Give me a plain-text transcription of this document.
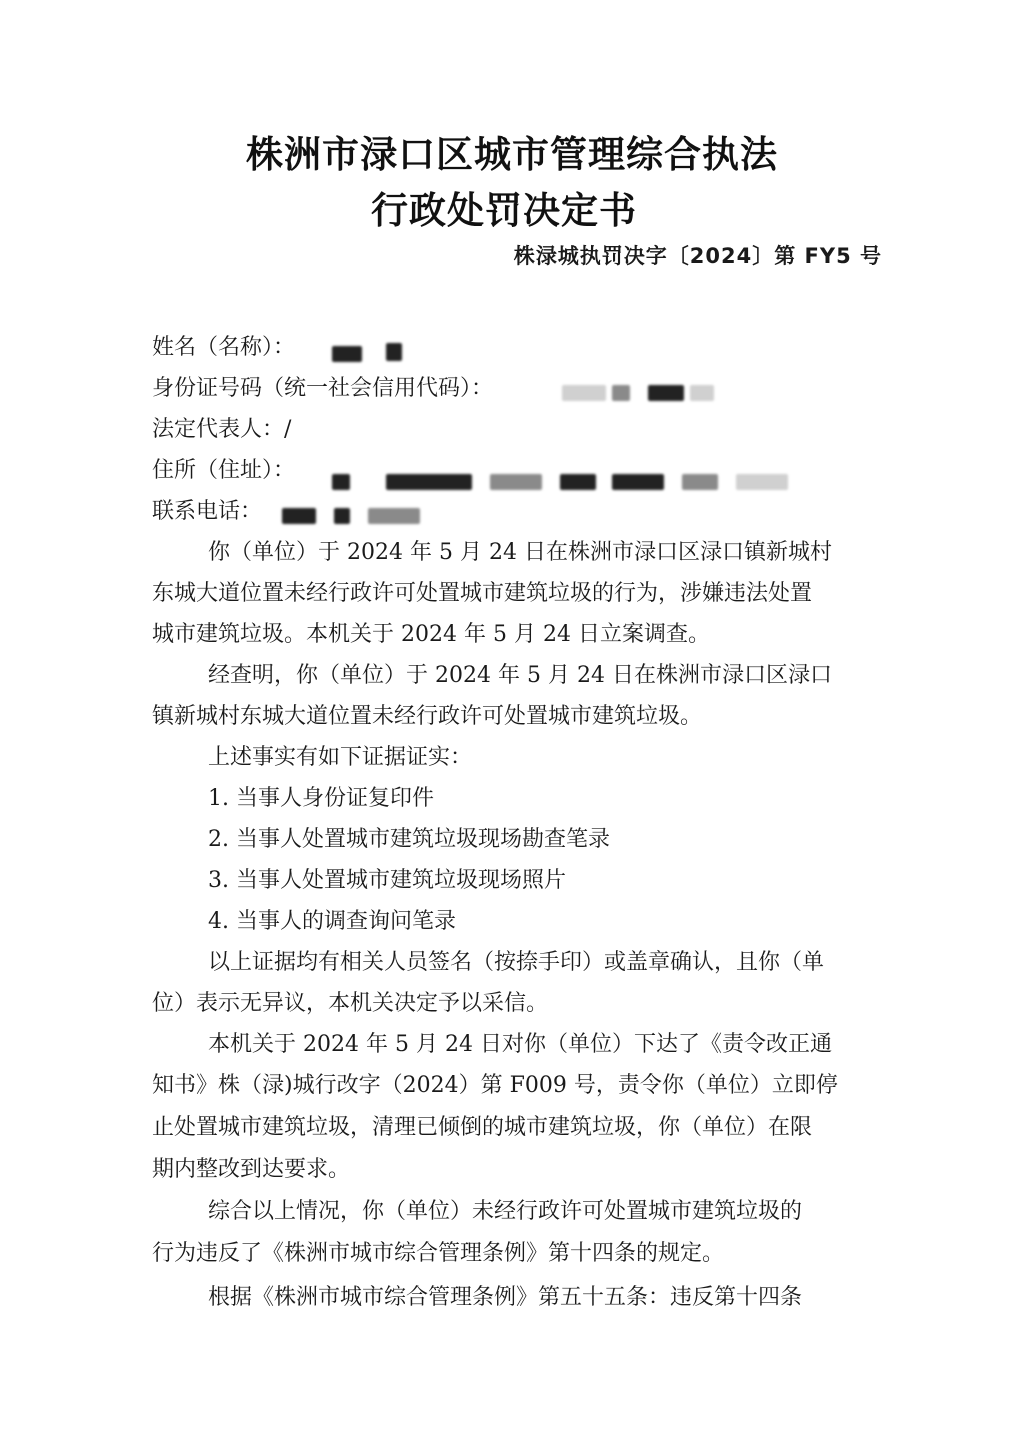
株洲市渌口区城市管理综合执法
行政处罚决定书
株渌城执罚决字〔2024〕第 FY5 号
姓名（名称）：
身份证号码（统一社会信用代码）：
法定代表人：/
住所（住址）：
联系电话：
你（单位）于 2024 年 5 月 24 日在株洲市渌口区渌口镇新城村
东城大道位置未经行政许可处置城市建筑垃圾的行为，涉嫌违法处置
城市建筑垃圾。本机关于 2024 年 5 月 24 日立案调查。
经查明，你（单位）于 2024 年 5 月 24 日在株洲市渌口区渌口
镇新城村东城大道位置未经行政许可处置城市建筑垃圾。
上述事实有如下证据证实：
1. 当事人身份证复印件
2. 当事人处置城市建筑垃圾现场勘查笔录
3. 当事人处置城市建筑垃圾现场照片
4. 当事人的调查询问笔录
以上证据均有相关人员签名（按捺手印）或盖章确认，且你（单
位）表示无异议，本机关决定予以采信。
本机关于 2024 年 5 月 24 日对你（单位）下达了《责令改正通
知书》株（渌)城行改字（2024）第 F009 号，责令你（单位）立即停
止处置城市建筑垃圾，清理已倾倒的城市建筑垃圾，你（单位）在限
期内整改到达要求。
综合以上情况，你（单位）未经行政许可处置城市建筑垃圾的
行为违反了《株洲市城市综合管理条例》第十四条的规定。
根据《株洲市城市综合管理条例》第五十五条：违反第十四条
